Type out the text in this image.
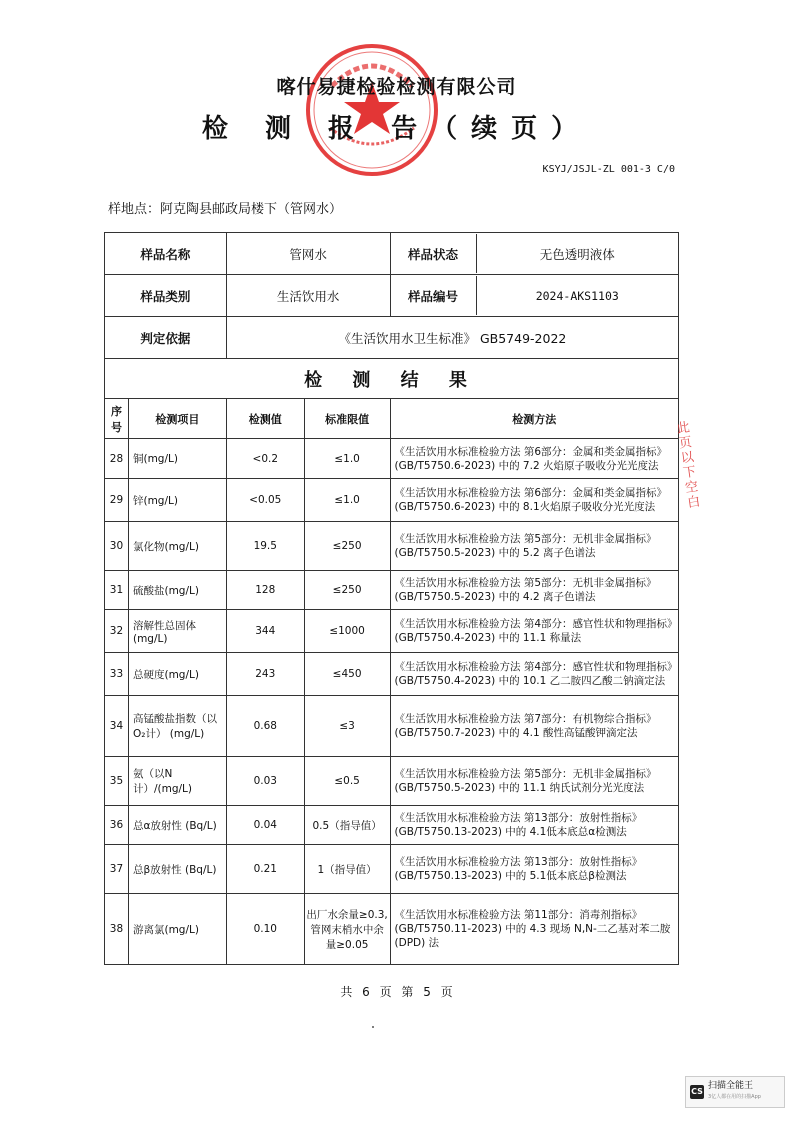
喀什易捷检验检测有限公司
检 测 报 告（续页）
KSYJ/JSJL-ZL 001-3 C/0
样地点：阿克陶县邮政局楼下（管网水）
样品名称		管网水		样品状态 无色透明液体

样品类别		生活饮用水		样品编号 2024-AKS1103

判定依据		《生活饮用水卫生标准》 GB5749-2022		
检 测 结 果				
序号	检测项目	检测值	标准限值	检测方法
28	铜(mg/L)	<0.2	≤1.0	《生活饮用水标准检验方法 第6部分：金属和类金属指标》(GB/T5750.6-2023) 中的 7.2 火焰原子吸收分光光度法
29	锌(mg/L)	<0.05	≤1.0	《生活饮用水标准检验方法 第6部分：金属和类金属指标》(GB/T5750.6-2023) 中的 8.1火焰原子吸收分光光度法
30	氯化物(mg/L)	19.5	≤250	《生活饮用水标准检验方法 第5部分：无机非金属指标》(GB/T5750.5-2023) 中的 5.2 离子色谱法
31	硫酸盐(mg/L)	128	≤250	《生活饮用水标准检验方法 第5部分：无机非金属指标》(GB/T5750.5-2023) 中的 4.2 离子色谱法
32	溶解性总固体(mg/L)	344	≤1000	《生活饮用水标准检验方法 第4部分：感官性状和物理指标》(GB/T5750.4-2023) 中的 11.1 称量法
33	总硬度(mg/L)	243	≤450	《生活饮用水标准检验方法 第4部分：感官性状和物理指标》(GB/T5750.4-2023) 中的 10.1 乙二胺四乙酸二钠滴定法
34	高锰酸盐指数（以O₂计） (mg/L)	0.68	≤3	《生活饮用水标准检验方法 第7部分：有机物综合指标》(GB/T5750.7-2023) 中的 4.1 酸性高锰酸钾滴定法
35	氨（以N计）/(mg/L)	0.03	≤0.5	《生活饮用水标准检验方法 第5部分：无机非金属指标》(GB/T5750.5-2023) 中的 11.1 纳氏试剂分光光度法
36	总α放射性 (Bq/L)	0.04	0.5（指导值）	《生活饮用水标准检验方法 第13部分：放射性指标》(GB/T5750.13-2023) 中的 4.1低本底总α检测法
37	总β放射性 (Bq/L)	0.21	1（指导值）	《生活饮用水标准检验方法 第13部分：放射性指标》(GB/T5750.13-2023) 中的 5.1低本底总β检测法
38	游离氯(mg/L)	0.10	出厂水余量≥0.3,管网末梢水中余量≥0.05	《生活饮用水标准检验方法 第11部分：消毒剂指标》(GB/T5750.11-2023) 中的 4.3 现场 N,N-二乙基对苯二胺 (DPD) 法
此页以下空白
共 6 页 第 5 页
CS
扫描全能王
3亿人都在用的扫描App
